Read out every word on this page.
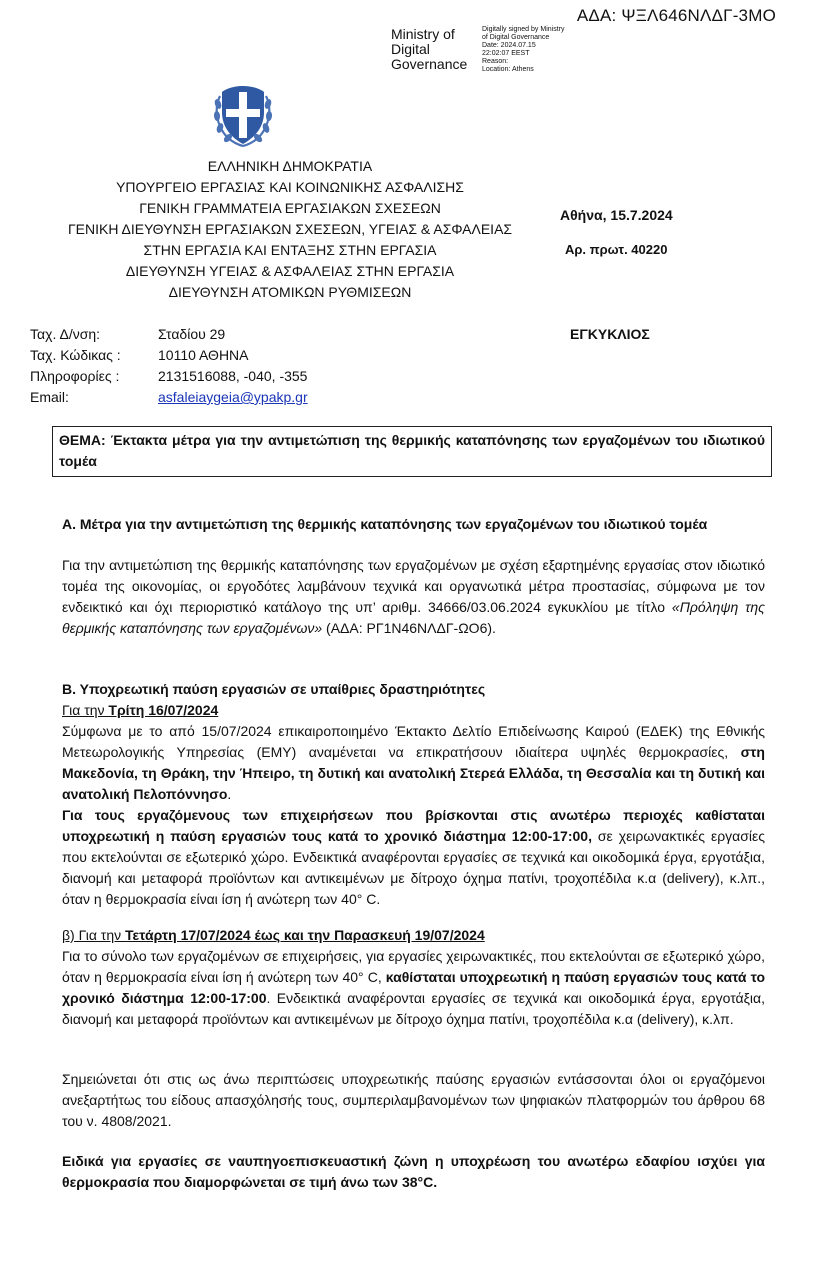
ΑΔΑ: ΨΞΛ646ΝΛΔΓ-3ΜΟ
Ministry of
Digital
Governance
Digitally signed by Ministry
of Digital Governance
Date: 2024.07.15
22:02:07 EEST
Reason:
Location: Athens
ΕΛΛΗΝΙΚΗ ΔΗΜΟΚΡΑΤΙΑ
ΥΠΟΥΡΓΕΙΟ ΕΡΓΑΣΙΑΣ ΚΑΙ ΚΟΙΝΩΝΙΚΗΣ ΑΣΦΑΛΙΣΗΣ
ΓΕΝΙΚΗ ΓΡΑΜΜΑΤΕΙΑ ΕΡΓΑΣΙΑΚΩΝ ΣΧΕΣΕΩΝ
ΓΕΝΙΚΗ ΔΙΕΥΘΥΝΣΗ ΕΡΓΑΣΙΑΚΩΝ ΣΧΕΣΕΩΝ, ΥΓΕΙΑΣ & ΑΣΦΑΛΕΙΑΣ
ΣΤΗΝ ΕΡΓΑΣΙΑ ΚΑΙ ΕΝΤΑΞΗΣ ΣΤΗΝ ΕΡΓΑΣΙΑ
ΔΙΕΥΘΥΝΣΗ ΥΓΕΙΑΣ & ΑΣΦΑΛΕΙΑΣ ΣΤΗΝ ΕΡΓΑΣΙΑ
ΔΙΕΥΘΥΝΣΗ ΑΤΟΜΙΚΩΝ ΡΥΘΜΙΣΕΩΝ
Αθήνα, 15.7.2024
Αρ. πρωτ. 40220
Ταχ. Δ/νση:	Σταδίου 29
Ταχ. Κώδικας :	10110 ΑΘΗΝΑ
Πληροφορίες :	2131516088, -040, -355
Email:	asfaleiaygeia@ypakp.gr
ΕΓΚΥΚΛΙΟΣ
ΘΕΜΑ: Έκτακτα μέτρα για την αντιμετώπιση της θερμικής καταπόνησης των εργαζομένων του ιδιωτικού τομέα

Α. Μέτρα για την αντιμετώπιση της θερμικής καταπόνησης των εργαζομένων του ιδιωτικού τομέα

Για την αντιμετώπιση της θερμικής καταπόνησης των εργαζομένων με σχέση εξαρτημένης εργασίας στον ιδιωτικό τομέα της οικονομίας, οι εργοδότες λαμβάνουν τεχνικά και οργανωτικά μέτρα προστασίας, σύμφωνα με τον ενδεικτικό και όχι περιοριστικό κατάλογο της υπ’ αριθμ. 34666/03.06.2024 εγκυκλίου με τίτλο «Πρόληψη της θερμικής καταπόνησης των εργαζομένων» (ΑΔΑ: ΡΓ1Ν46ΝΛΔΓ-ΩΟ6).

Β. Υποχρεωτική παύση εργασιών σε υπαίθριες δραστηριότητες

Για την Τρίτη 16/07/2024

Σύμφωνα με το από 15/07/2024 επικαιροποιημένο Έκτακτο Δελτίο Επιδείνωσης Καιρού (ΕΔΕΚ) της Εθνικής Μετεωρολογικής Υπηρεσίας (ΕΜΥ) αναμένεται να επικρατήσουν ιδιαίτερα υψηλές θερμοκρασίες, στη Μακεδονία, τη Θράκη, την Ήπειρο, τη δυτική και ανατολική Στερεά Ελλάδα, τη Θεσσαλία και τη δυτική και ανατολική Πελοπόννησο.

Για τους εργαζόμενους των επιχειρήσεων που βρίσκονται στις ανωτέρω περιοχές καθίσταται υποχρεωτική η παύση εργασιών τους κατά το χρονικό διάστημα 12:00-17:00, σε χειρωνακτικές εργασίες που εκτελούνται σε εξωτερικό χώρο. Ενδεικτικά αναφέρονται εργασίες σε τεχνικά και οικοδομικά έργα, εργοτάξια, διανομή και μεταφορά προϊόντων και αντικειμένων με δίτροχο όχημα πατίνι, τροχοπέδιλα κ.α (delivery), κ.λπ., όταν η θερμοκρασία είναι ίση ή ανώτερη των 40° C.

β) Για την Τετάρτη 17/07/2024 έως και την Παρασκευή 19/07/2024

Για το σύνολο των εργαζομένων σε επιχειρήσεις, για εργασίες χειρωνακτικές, που εκτελούνται σε εξωτερικό χώρο, όταν η θερμοκρασία είναι ίση ή ανώτερη των 40° C, καθίσταται υποχρεωτική η παύση εργασιών τους κατά το χρονικό διάστημα 12:00-17:00. Ενδεικτικά αναφέρονται εργασίες σε τεχνικά και οικοδομικά έργα, εργοτάξια, διανομή και μεταφορά προϊόντων και αντικειμένων με δίτροχο όχημα πατίνι, τροχοπέδιλα κ.α (delivery), κ.λπ.

Σημειώνεται ότι στις ως άνω περιπτώσεις υποχρεωτικής παύσης εργασιών εντάσσονται όλοι οι εργαζόμενοι ανεξαρτήτως του είδους απασχόλησής τους, συμπεριλαμβανομένων των ψηφιακών πλατφορμών του άρθρου 68 του ν. 4808/2021.

Ειδικά για εργασίες σε ναυπηγοεπισκευαστική ζώνη η υποχρέωση του ανωτέρω εδαφίου ισχύει για θερμοκρασία που διαμορφώνεται σε τιμή άνω των 38°C.
